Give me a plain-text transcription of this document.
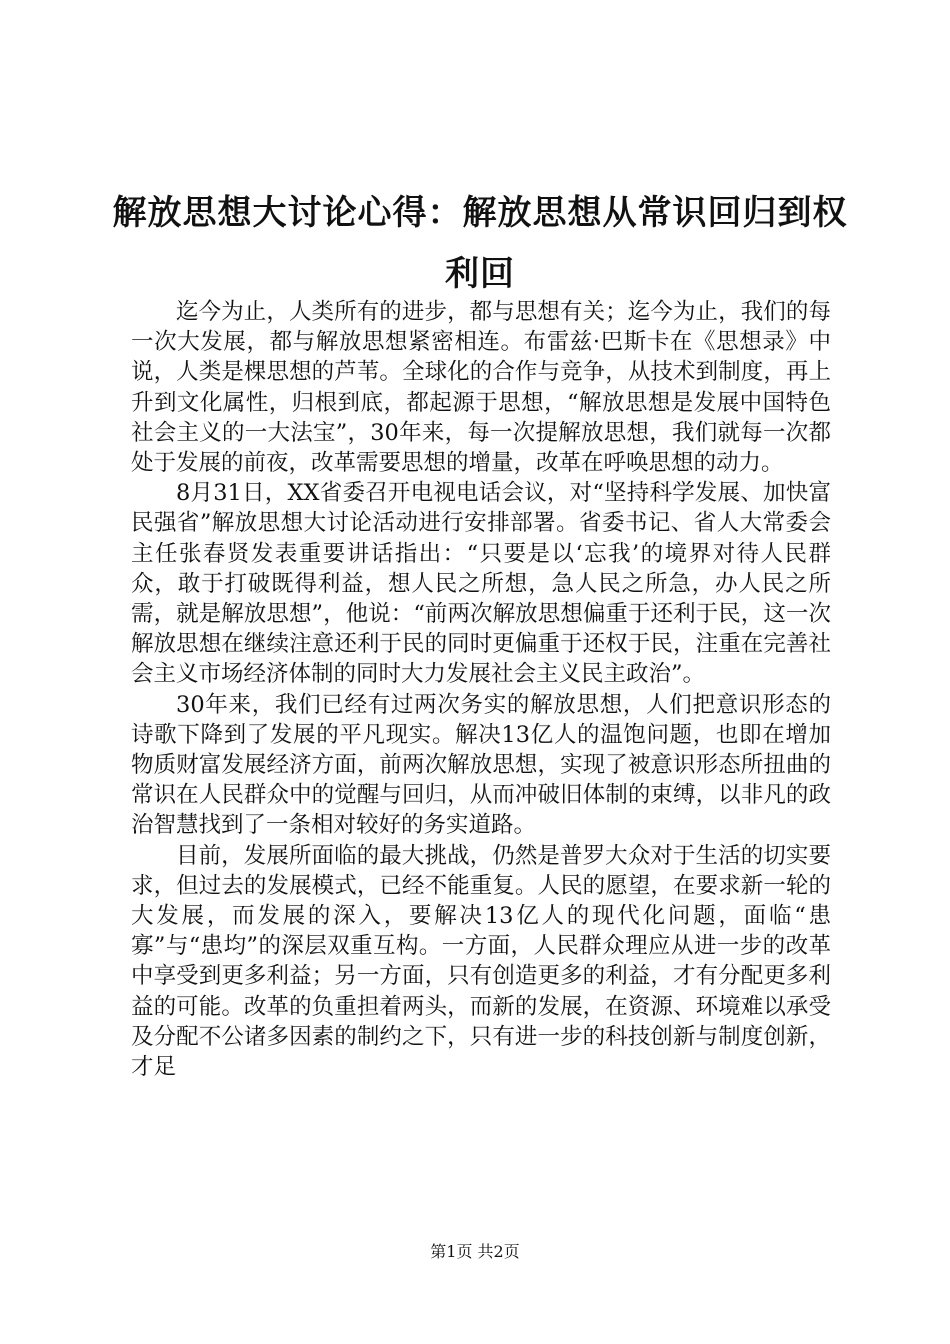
解放思想大讨论心得：解放思想从常识回归到权利回

迄今为止，人类所有的进步，都与思想有关；迄今为止，我们的每一次大发展，都与解放思想紧密相连。布雷兹·巴斯卡在《思想录》中说，人类是棵思想的芦苇。全球化的合作与竞争，从技术到制度，再上升到文化属性，归根到底，都起源于思想，“解放思想是发展中国特色社会主义的一大法宝”，30年来，每一次提解放思想，我们就每一次都处于发展的前夜，改革需要思想的增量，改革在呼唤思想的动力。

8月31日，XX省委召开电视电话会议，对“坚持科学发展、加快富民强省”解放思想大讨论活动进行安排部署。省委书记、省人大常委会主任张春贤发表重要讲话指出：“只要是以‘忘我’的境界对待人民群众，敢于打破既得利益，想人民之所想，急人民之所急，办人民之所需，就是解放思想”，他说：“前两次解放思想偏重于还利于民，这一次解放思想在继续注意还利于民的同时更偏重于还权于民，注重在完善社会主义市场经济体制的同时大力发展社会主义民主政治”。

30年来，我们已经有过两次务实的解放思想，人们把意识形态的诗歌下降到了发展的平凡现实。解决13亿人的温饱问题，也即在增加物质财富发展经济方面，前两次解放思想，实现了被意识形态所扭曲的常识在人民群众中的觉醒与回归，从而冲破旧体制的束缚，以非凡的政治智慧找到了一条相对较好的务实道路。

目前，发展所面临的最大挑战，仍然是普罗大众对于生活的切实要求，但过去的发展模式，已经不能重复。人民的愿望，在要求新一轮的大发展，而发展的深入，要解决13亿人的现代化问题，面临“患寡”与“患均”的深层双重互构。一方面，人民群众理应从进一步的改革中享受到更多利益；另一方面，只有创造更多的利益，才有分配更多利益的可能。改革的负重担着两头，而新的发展，在资源、环境难以承受及分配不公诸多因素的制约之下，只有进一步的科技创新与制度创新，才足

第1页 共2页
